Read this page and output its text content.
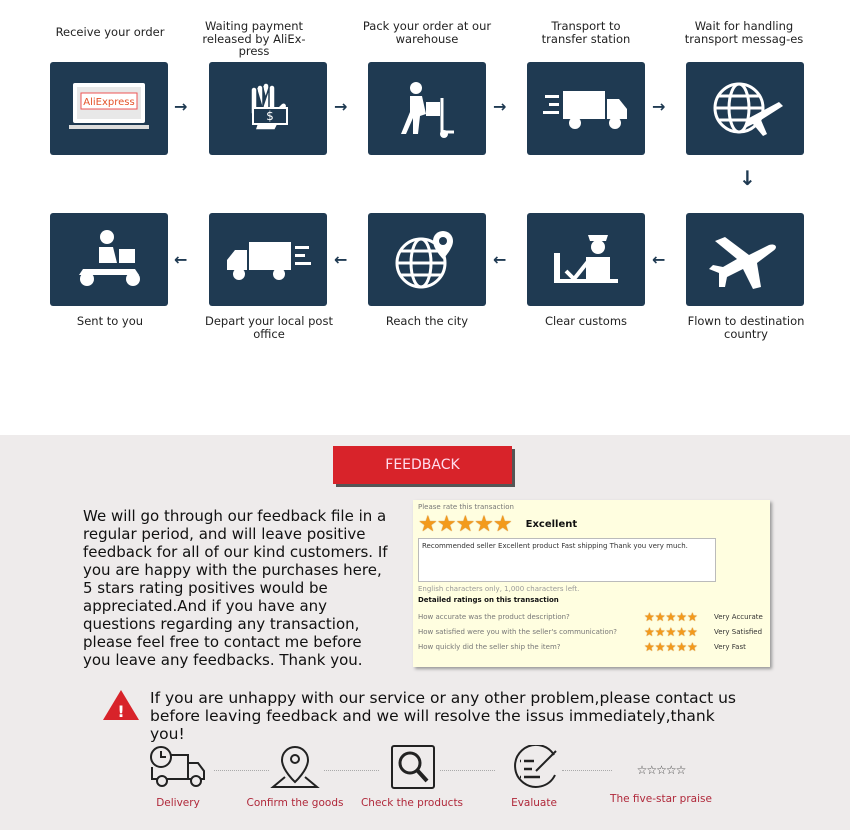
Receive your order	Waiting payment released by AliEx-press
Pack your order at our warehouse
Transport to transfer station
Wait for handling transport messag-es
AliExpress →	$	→	→	→
↓
←	←	←	←
Sent to you	Depart your local post office
Reach the city	Clear customs	Flown to destination country
FEEDBACK
We will go through our feedback file in a regular period, and will leave positive feedback for all of our kind customers. If you are happy with the purchases here, 5 stars rating positives would be appreciated.And if you have any questions regarding any transaction, please feel free to contact me before you leave any feedbacks. Thank you.
Please rate this transaction
★★★★★ Excellent
Recommended seller Excellent product Fast shipping Thank you very much.
English characters only, 1,000 characters left.
Detailed ratings on this transaction
How accurate was the product description?	★★★★★	Very Accurate
How satisfied were you with the seller's communication?	★★★★★	Very Satisfied
How quickly did the seller ship the item?	★★★★★	Very Fast
!
If you are unhappy with our service or any other problem,please contact us before leaving feedback and we will resolve the issus immediately,thank you!
Delivery	Confirm the goods	Check the products	Evaluate
☆☆☆☆☆
The five-star praise
